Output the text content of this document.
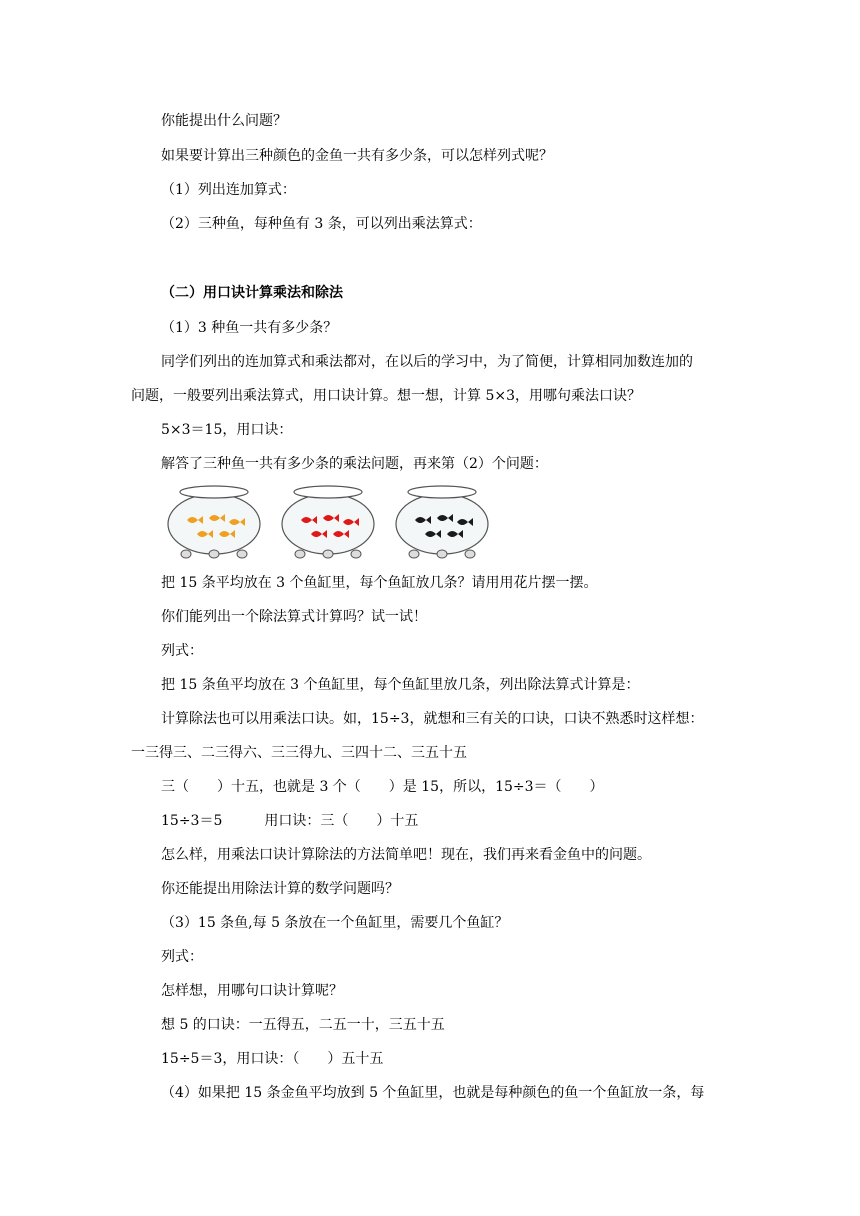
你能提出什么问题？
如果要计算出三种颜色的金鱼一共有多少条，可以怎样列式呢？
（1）列出连加算式：
（2）三种鱼，每种鱼有 3 条，可以列出乘法算式：
（二）用口诀计算乘法和除法
（1）3 种鱼一共有多少条？
同学们列出的连加算式和乘法都对，在以后的学习中，为了简便，计算相同加数连加的
问题，一般要列出乘法算式，用口诀计算。想一想，计算 5×3，用哪句乘法口诀？
5×3＝15，用口诀：
解答了三种鱼一共有多少条的乘法问题，再来第（2）个问题：
把 15 条平均放在 3 个鱼缸里，每个鱼缸放几条？请用用花片摆一摆。
你们能列出一个除法算式计算吗？试一试！
列式：
把 15 条鱼平均放在 3 个鱼缸里，每个鱼缸里放几条，列出除法算式计算是：
计算除法也可以用乘法口诀。如，15÷3，就想和三有关的口诀，口诀不熟悉时这样想：
一三得三、二三得六、三三得九、三四十二、三五十五
三（　　）十五，也就是 3 个（　　）是 15，所以，15÷3＝（　　）
15÷3＝5　　　用口诀：三（　　）十五
怎么样，用乘法口诀计算除法的方法简单吧！现在，我们再来看金鱼中的问题。
你还能提出用除法计算的数学问题吗？
（3）15 条鱼,每 5 条放在一个鱼缸里，需要几个鱼缸？
列式：
怎样想，用哪句口诀计算呢？
想 5 的口诀：一五得五，二五一十，三五十五
15÷5＝3，用口诀：（　　）五十五
（4）如果把 15 条金鱼平均放到 5 个鱼缸里，也就是每种颜色的鱼一个鱼缸放一条，每
